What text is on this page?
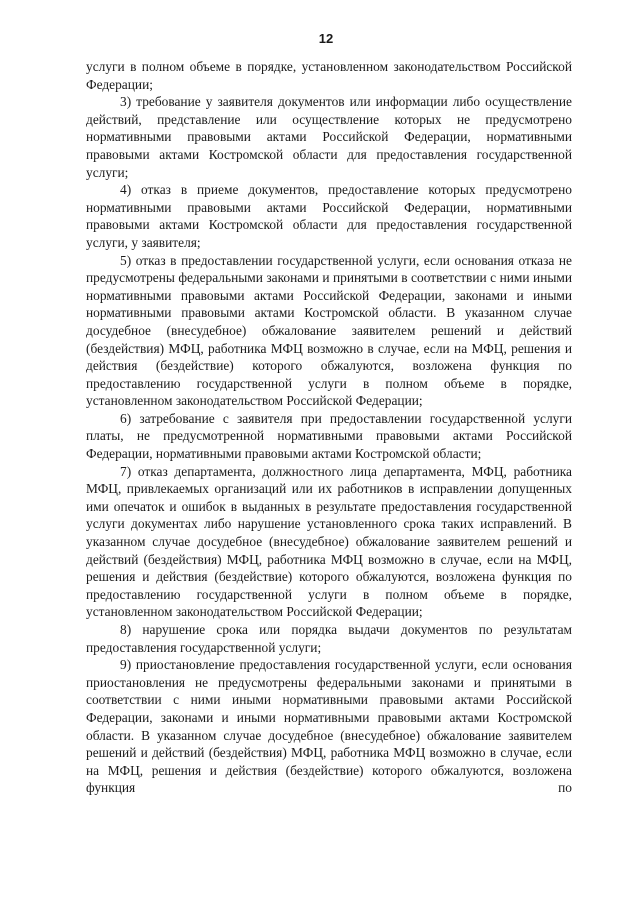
12

услуги в полном объеме в порядке, установленном законодательством Российской Федерации;

3) требование у заявителя документов или информации либо осуществление действий, представление или осуществление которых не предусмотрено нормативными правовыми актами Российской Федерации, нормативными правовыми актами Костромской области для предоставления государственной услуги;

4) отказ в приеме документов, предоставление которых предусмотрено нормативными правовыми актами Российской Федерации, нормативными правовыми актами Костромской области для предоставления государственной услуги, у заявителя;

5) отказ в предоставлении государственной услуги, если основания отказа не предусмотрены федеральными законами и принятыми в соответствии с ними иными нормативными правовыми актами Российской Федерации, законами и иными нормативными правовыми актами Костромской области. В указанном случае досудебное (внесудебное) обжалование заявителем решений и действий (бездействия) МФЦ, работника МФЦ возможно в случае, если на МФЦ, решения и действия (бездействие) которого обжалуются, возложена функция по предоставлению государственной услуги в полном объеме в порядке, установленном законодательством Российской Федерации;

6) затребование с заявителя при предоставлении государственной услуги платы, не предусмотренной нормативными правовыми актами Российской Федерации, нормативными правовыми актами Костромской области;

7) отказ департамента, должностного лица департамента, МФЦ, работника МФЦ, привлекаемых организаций или их работников в исправлении допущенных ими опечаток и ошибок в выданных в результате предоставления государственной услуги документах либо нарушение установленного срока таких исправлений. В указанном случае досудебное (внесудебное) обжалование заявителем решений и действий (бездействия) МФЦ, работника МФЦ возможно в случае, если на МФЦ, решения и действия (бездействие) которого обжалуются, возложена функция по предоставлению государственной услуги в полном объеме в порядке, установленном законодательством Российской Федерации;

8) нарушение срока или порядка выдачи документов по результатам предоставления государственной услуги;

9) приостановление предоставления государственной услуги, если основания приостановления не предусмотрены федеральными законами и принятыми в соответствии с ними иными нормативными правовыми актами Российской Федерации, законами и иными нормативными правовыми актами Костромской области. В указанном случае досудебное (внесудебное) обжалование заявителем решений и действий (бездействия) МФЦ, работника МФЦ возможно в случае, если на МФЦ, решения и действия (бездействие) которого обжалуются, возложена функция по
